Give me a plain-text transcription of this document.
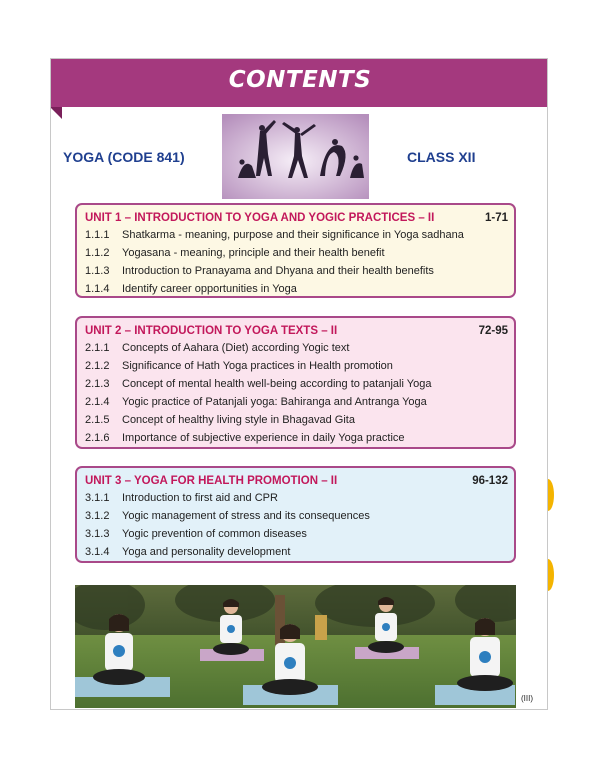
CONTENTS
YOGA (CODE 841)	CLASS XII
UNIT 1 – INTRODUCTION TO YOGA AND YOGIC PRACTICES – II	1-71
1.1.1	Shatkarma - meaning, purpose and their significance in Yoga sadhana
1.1.2	Yogasana - meaning, principle and their health benefit
1.1.3	Introduction to Pranayama and Dhyana and their health benefits
1.1.4	Identify career opportunities in Yoga
UNIT 2 – INTRODUCTION TO YOGA TEXTS – II	72-95
2.1.1	Concepts of Aahara (Diet) according Yogic text
2.1.2	Significance of Hath Yoga practices in Health promotion
2.1.3	Concept of mental health well-being according to patanjali Yoga
2.1.4	Yogic practice of Patanjali yoga: Bahiranga and Antranga Yoga
2.1.5	Concept of healthy living style in Bhagavad Gita
2.1.6	Importance of subjective experience in daily Yoga practice
UNIT 3 – YOGA FOR HEALTH PROMOTION – II	96-132
3.1.1	Introduction to first aid and CPR
3.1.2	Yogic management of stress and its consequences
3.1.3	Yogic prevention of common diseases
3.1.4	Yoga and personality development
(III)
